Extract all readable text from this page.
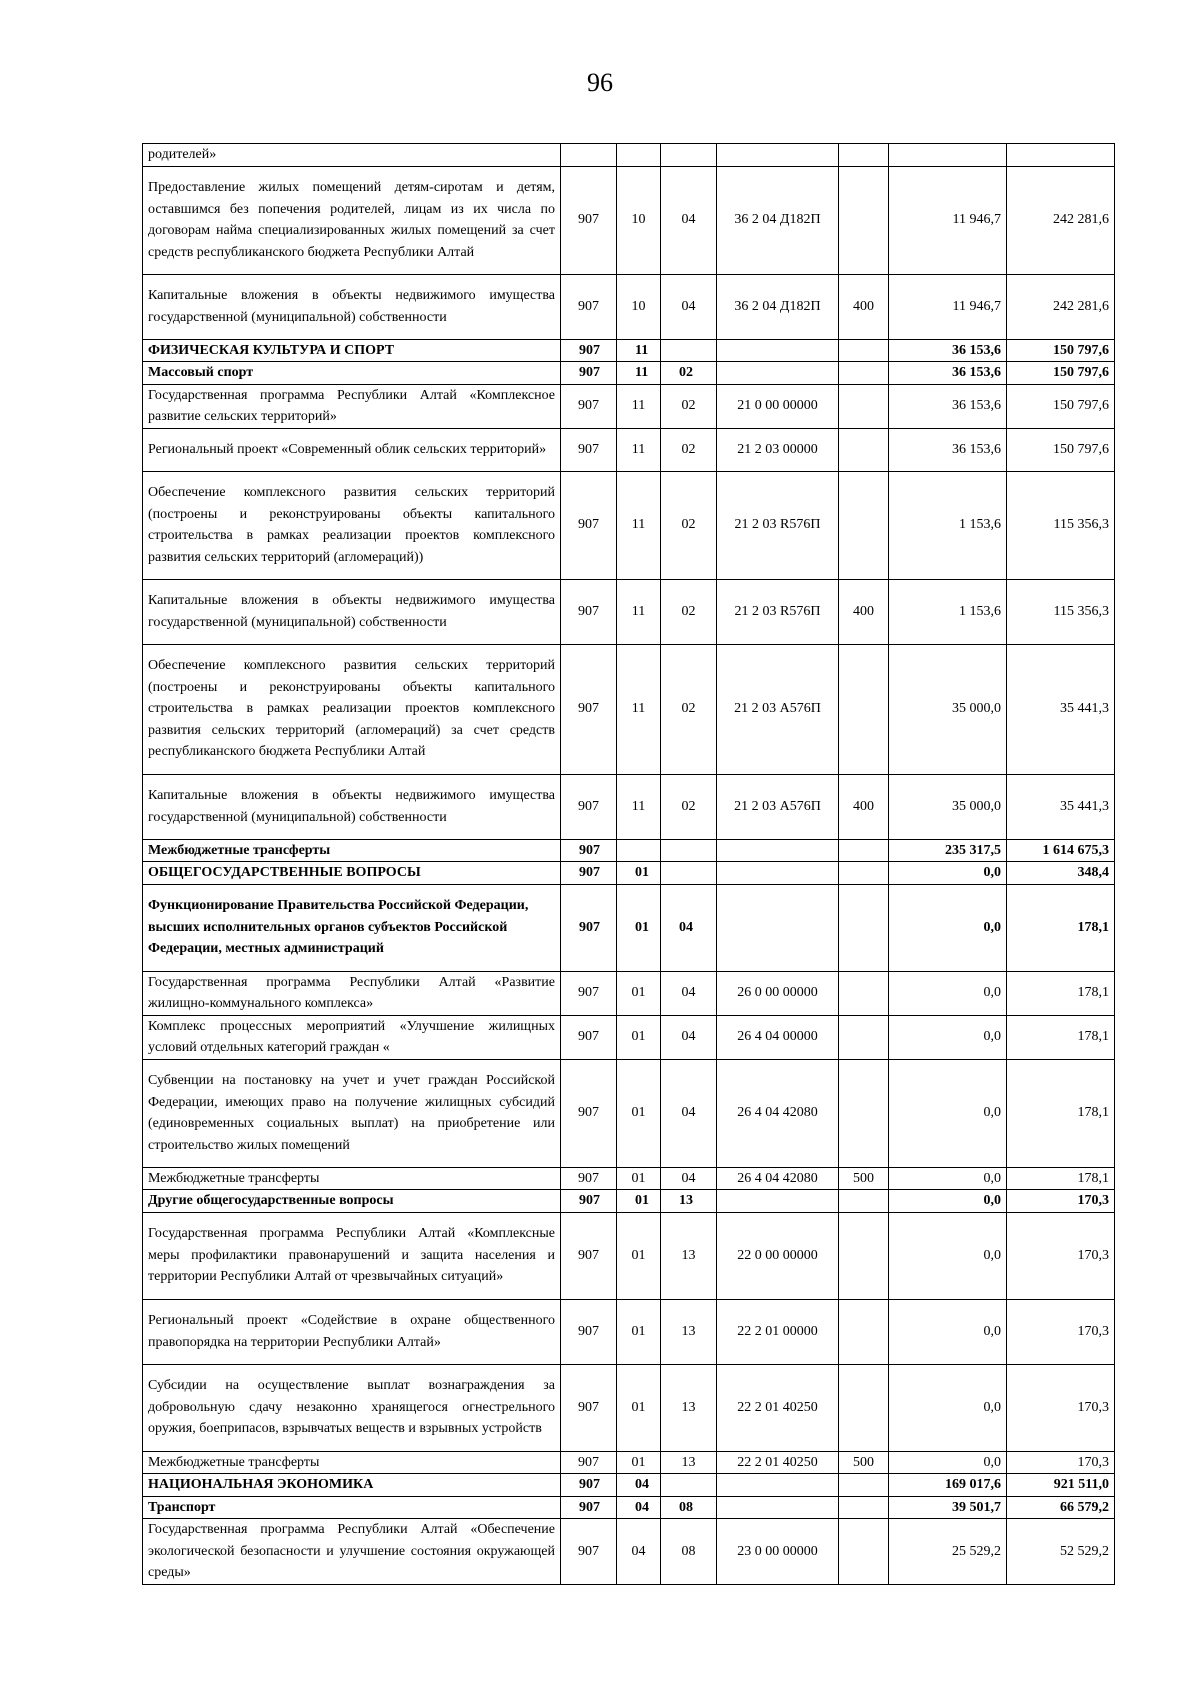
96
родителей»							
Предоставление жилых помещений детям-сиротам и детям, оставшимся без попечения родителей, лицам из их числа по договорам найма специализированных жилых помещений за счет средств республиканского бюджета Республики Алтай	907	10	04	36 2 04 Д182П		11 946,7	242 281,6
Капитальные вложения в объекты недвижимого имущества государственной (муниципальной) собственности	907	10	04	36 2 04 Д182П	400	11 946,7	242 281,6
ФИЗИЧЕСКАЯ КУЛЬТУРА И СПОРТ	907	11				36 153,6	150 797,6
Массовый спорт	907	11	02			36 153,6	150 797,6
Государственная программа Республики Алтай «Комплексное развитие сельских территорий»	907	11	02	21 0 00 00000		36 153,6	150 797,6
Региональный проект «Современный облик сельских территорий»	907	11	02	21 2 03 00000		36 153,6	150 797,6
Обеспечение комплексного развития сельских территорий (построены и реконструированы объекты капитального строительства в рамках реализации проектов комплексного развития сельских территорий (агломераций))	907	11	02	21 2 03 R576П		1 153,6	115 356,3
Капитальные вложения в объекты недвижимого имущества государственной (муниципальной) собственности	907	11	02	21 2 03 R576П	400	1 153,6	115 356,3
Обеспечение комплексного развития сельских территорий (построены и реконструированы объекты капитального строительства в рамках реализации проектов комплексного развития сельских территорий (агломераций) за счет средств республиканского бюджета Республики Алтай	907	11	02	21 2 03 А576П		35 000,0	35 441,3
Капитальные вложения в объекты недвижимого имущества государственной (муниципальной) собственности	907	11	02	21 2 03 А576П	400	35 000,0	35 441,3
Межбюджетные трансферты	907					235 317,5	1 614 675,3
ОБЩЕГОСУДАРСТВЕННЫЕ ВОПРОСЫ	907	01				0,0	348,4
Функционирование Правительства Российской Федерации, высших исполнительных органов субъектов Российской Федерации, местных администраций	907	01	04			0,0	178,1
Государственная программа Республики Алтай «Развитие жилищно-коммунального комплекса»	907	01	04	26 0 00 00000		0,0	178,1
Комплекс процессных мероприятий «Улучшение жилищных условий отдельных категорий граждан «	907	01	04	26 4 04 00000		0,0	178,1
Субвенции на постановку на учет и учет граждан Российской Федерации, имеющих право на получение жилищных субсидий (единовременных социальных выплат) на приобретение или строительство жилых помещений	907	01	04	26 4 04 42080		0,0	178,1
Межбюджетные трансферты	907	01	04	26 4 04 42080	500	0,0	178,1
Другие общегосударственные вопросы	907	01	13			0,0	170,3
Государственная программа Республики Алтай «Комплексные меры профилактики правонарушений и защита населения и территории Республики Алтай от чрезвычайных ситуаций»	907	01	13	22 0 00 00000		0,0	170,3
Региональный проект «Содействие в охране общественного правопорядка на территории Республики Алтай»	907	01	13	22 2 01 00000		0,0	170,3
Субсидии на осуществление выплат вознаграждения за добровольную сдачу незаконно хранящегося огнестрельного оружия, боеприпасов, взрывчатых веществ и взрывных устройств	907	01	13	22 2 01 40250		0,0	170,3
Межбюджетные трансферты	907	01	13	22 2 01 40250	500	0,0	170,3
НАЦИОНАЛЬНАЯ ЭКОНОМИКА	907	04				169 017,6	921 511,0
Транспорт	907	04	08			39 501,7	66 579,2
Государственная программа Республики Алтай «Обеспечение экологической безопасности и улучшение состояния окружающей среды»	907	04	08	23 0 00 00000		25 529,2	52 529,2
